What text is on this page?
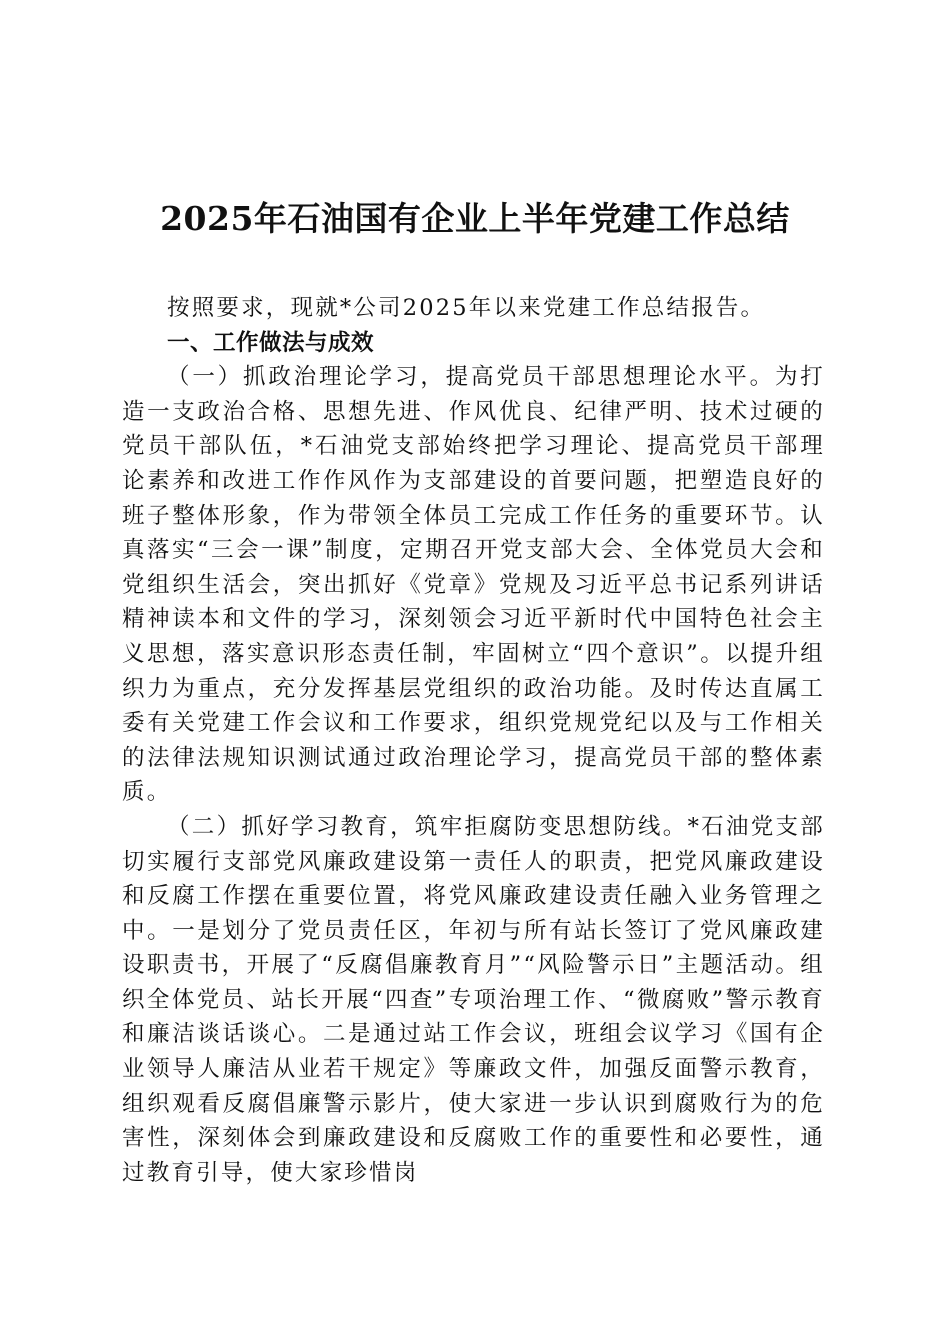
2025年石油国有企业上半年党建工作总结

按照要求，现就*公司2025年以来党建工作总结报告。

一、工作做法与成效

（一）抓政治理论学习，提高党员干部思想理论水平。为打造一支政治合格、思想先进、作风优良、纪律严明、技术过硬的党员干部队伍，*石油党支部始终把学习理论、提高党员干部理论素养和改进工作作风作为支部建设的首要问题，把塑造良好的班子整体形象，作为带领全体员工完成工作任务的重要环节。认真落实“三会一课”制度，定期召开党支部大会、全体党员大会和党组织生活会，突出抓好《党章》党规及习近平总书记系列讲话精神读本和文件的学习，深刻领会习近平新时代中国特色社会主义思想，落实意识形态责任制，牢固树立“四个意识”。以提升组织力为重点，充分发挥基层党组织的政治功能。及时传达直属工委有关党建工作会议和工作要求，组织党规党纪以及与工作相关的法律法规知识测试通过政治理论学习，提高党员干部的整体素质。

（二）抓好学习教育，筑牢拒腐防变思想防线。*石油党支部切实履行支部党风廉政建设第一责任人的职责，把党风廉政建设和反腐工作摆在重要位置，将党风廉政建设责任融入业务管理之中。一是划分了党员责任区，年初与所有站长签订了党风廉政建设职责书，开展了“反腐倡廉教育月”“风险警示日”主题活动。组织全体党员、站长开展“四查”专项治理工作、“微腐败”警示教育和廉洁谈话谈心。二是通过站工作会议，班组会议学习《国有企业领导人廉洁从业若干规定》等廉政文件，加强反面警示教育，组织观看反腐倡廉警示影片，使大家进一步认识到腐败行为的危害性，深刻体会到廉政建设和反腐败工作的重要性和必要性，通过教育引导，使大家珍惜岗
